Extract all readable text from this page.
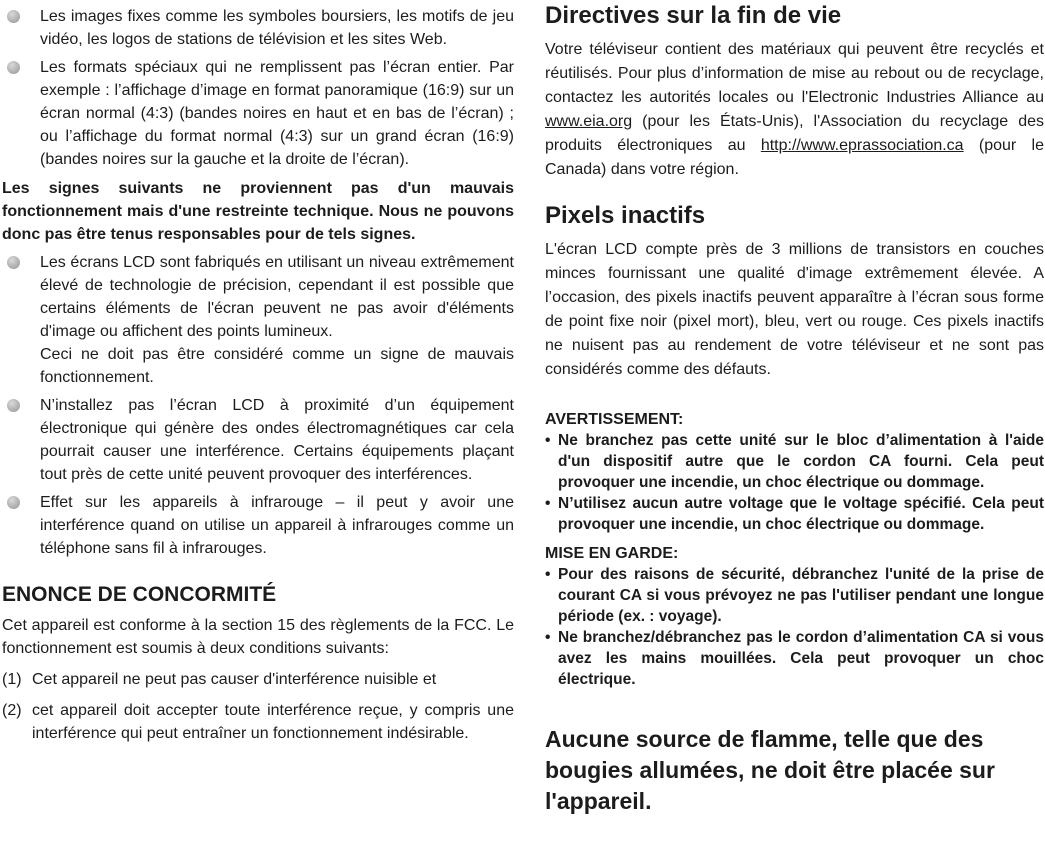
Les images fixes comme les symboles boursiers, les motifs de jeu vidéo, les logos de stations de télévision et les sites Web.
Les formats spéciaux qui ne remplissent pas l’écran entier. Par exemple : l’affichage d’image en format panoramique (16:9) sur un écran normal (4:3) (bandes noires en haut et en bas de l’écran) ; ou l’affichage du format normal (4:3) sur un grand écran (16:9) (bandes noires sur la gauche et la droite de l’écran).

Les signes suivants ne proviennent pas d'un mauvais fonctionnement mais d'une restreinte technique. Nous ne pouvons donc pas être tenus responsables pour de tels signes.

Les écrans LCD sont fabriqués en utilisant un niveau extrêmement élevé de technologie de précision, cependant il est possible que certains éléments de l'écran peuvent ne pas avoir d'éléments d'image ou affichent des points lumineux.
Ceci ne doit pas être considéré comme un signe de mauvais fonctionnement.
N’installez pas l’écran LCD à proximité d’un équipement électronique qui génère des ondes électromagnétiques car cela pourrait causer une interférence. Certains équipements plaçant tout près de cette unité peuvent provoquer des interférences.
Effet sur les appareils à infrarouge – il peut y avoir une interférence quand on utilise un appareil à infrarouges comme un téléphone sans fil à infrarouges.
ENONCE DE CONCORMITÉ

Cet appareil est conforme à la section 15 des règlements de la FCC. Le fonctionnement est soumis à deux conditions suivants:

(1) Cet appareil ne peut pas causer d'interférence nuisible et
(2) cet appareil doit accepter toute interférence reçue, y compris une interférence qui peut entraîner un fonctionnement indésirable.
Directives sur la fin de vie

Votre téléviseur contient des matériaux qui peuvent être recyclés et réutilisés. Pour plus d’information de mise au rebout ou de recyclage, contactez les autorités locales ou l'Electronic Industries Alliance au www.eia.org (pour les États-Unis), l'Association du recyclage des produits électroniques au http://www.eprassociation.ca (pour le Canada) dans votre région.

Pixels inactifs

L'écran LCD compte près de 3 millions de transistors en couches minces fournissant une qualité d'image extrêmement élevée. A l’occasion, des pixels inactifs peuvent apparaître à l’écran sous forme de point fixe noir (pixel mort), bleu, vert ou rouge. Ces pixels inactifs ne nuisent pas au rendement de votre téléviseur et ne sont pas considérés comme des défauts.

AVERTISSEMENT:

• Ne branchez pas cette unité sur le bloc d’alimentation à l'aide d'un dispositif autre que le cordon CA fourni. Cela peut provoquer une incendie, un choc électrique ou dommage.
• N’utilisez aucun autre voltage que le voltage spécifié. Cela peut provoquer une incendie, un choc électrique ou dommage.

MISE EN GARDE:

• Pour des raisons de sécurité, débranchez l'unité de la prise de courant CA si vous prévoyez ne pas l'utiliser pendant une longue période (ex. : voyage).
• Ne branchez/débranchez pas le cordon d’alimentation CA si vous avez les mains mouillées. Cela peut provoquer un choc électrique.

Aucune source de flamme, telle que des bougies allumées, ne doit être placée sur l'appareil.
